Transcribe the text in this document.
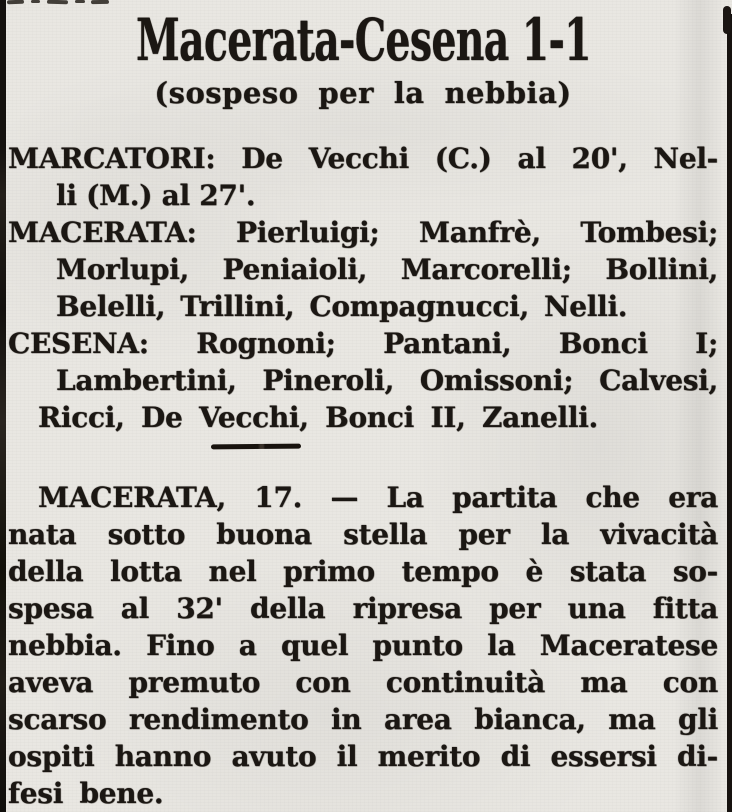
Macerata-Cesena 1-1
(sospeso per la nebbia)
MARCATORI: De Vecchi (C.) al 20', Nel-
li (M.) al 27'.
MACERATA: Pierluigi; Manfrè, Tombesi;
Morlupi, Peniaioli, Marcorelli; Bollini,
Belelli, Trillini, Compagnucci, Nelli.
CESENA: Rognoni; Pantani, Bonci I;
Lambertini, Pineroli, Omissoni; Calvesi,
Ricci, De Vecchi, Bonci II, Zanelli.
MACERATA, 17. — La partita che era
nata sotto buona stella per la vivacità
della lotta nel primo tempo è stata so-
spesa al 32' della ripresa per una fitta
nebbia. Fino a quel punto la Maceratese
aveva premuto con continuità ma con
scarso rendimento in area bianca, ma gli
ospiti hanno avuto il merito di essersi di-
fesi bene.
